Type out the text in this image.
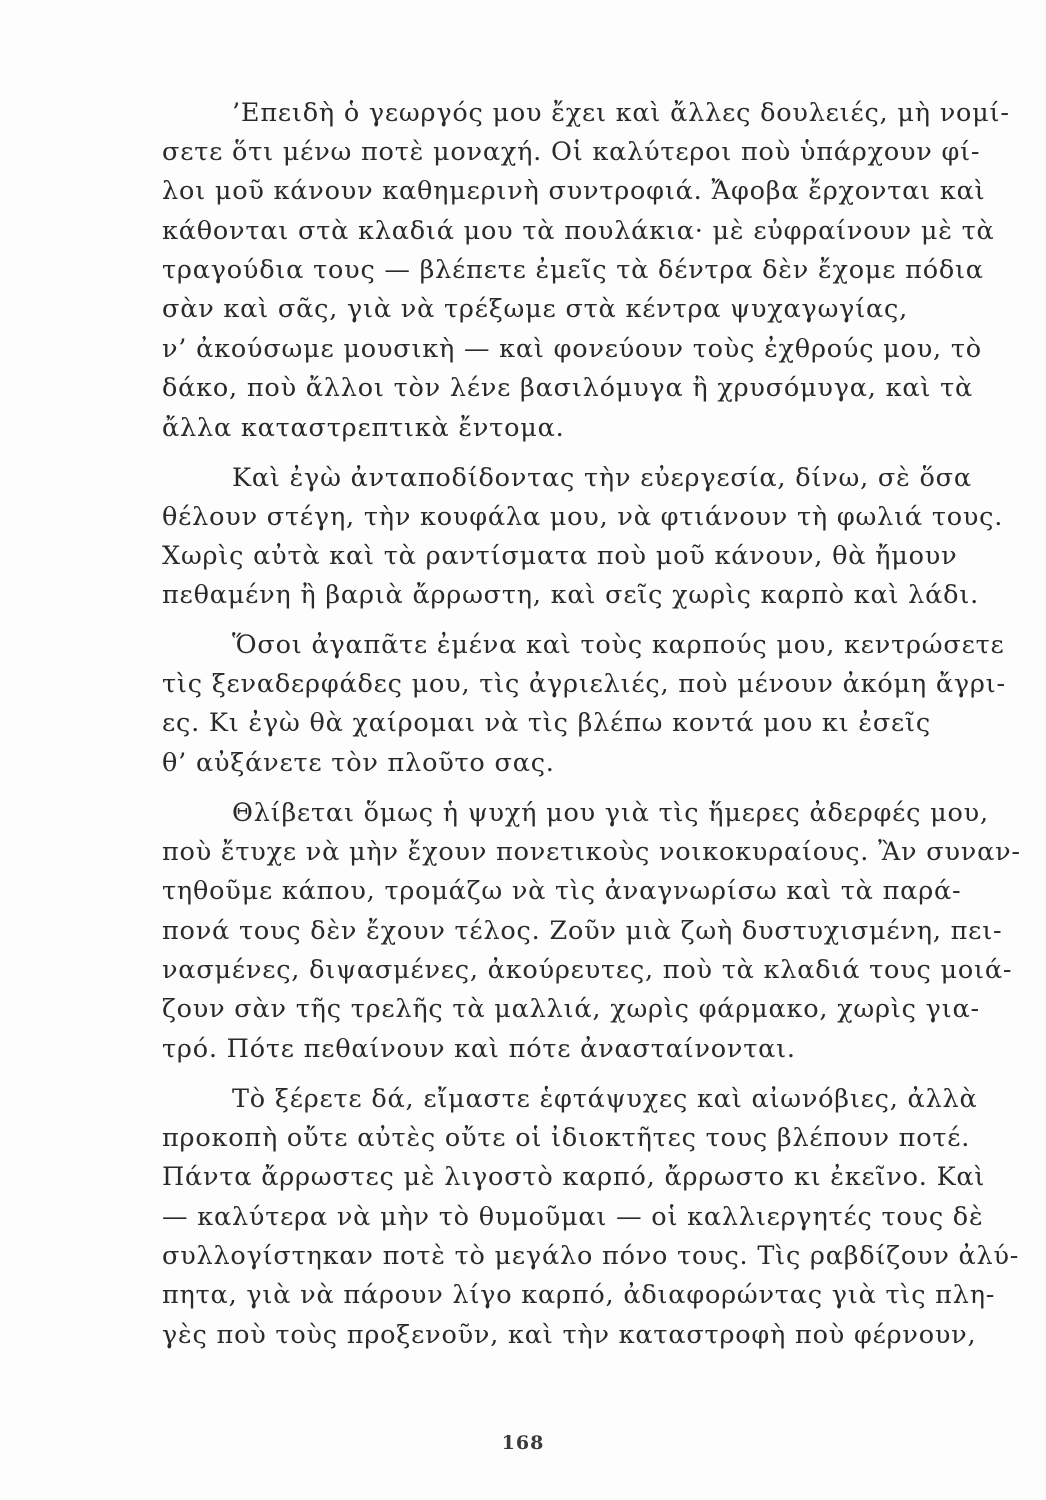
’Επειδὴ ὁ γεωργός μου ἔχει καὶ ἄλλες δουλειές, μὴ νομί-
σετε ὅτι μένω ποτὲ μοναχή. Οἱ καλύτεροι ποὺ ὑπάρχουν φί-
λοι μοῦ κάνουν καθημερινὴ συντροφιά. Ἄφοβα ἔρχονται καὶ
κάθονται στὰ κλαδιά μου τὰ πουλάκια· μὲ εὐφραίνουν μὲ τὰ
τραγούδια τους — βλέπετε ἐμεῖς τὰ δέντρα δὲν ἔχομε πόδια
σὰν καὶ σᾶς, γιὰ νὰ τρέξωμε στὰ κέντρα ψυχαγωγίας,
ν’ ἀκούσωμε μουσικὴ — καὶ φονεύουν τοὺς ἐχθρούς μου, τὸ
δάκο, ποὺ ἄλλοι τὸν λένε βασιλόμυγα ἢ χρυσόμυγα, καὶ τὰ
ἄλλα καταστρεπτικὰ ἔντομα.
Καὶ ἐγὼ ἀνταποδίδοντας τὴν εὐεργεσία, δίνω, σὲ ὅσα
θέλουν στέγη, τὴν κουφάλα μου, νὰ φτιάνουν τὴ φωλιά τους.
Χωρὶς αὐτὰ καὶ τὰ ραντίσματα ποὺ μοῦ κάνουν, θὰ ἤμουν
πεθαμένη ἢ βαριὰ ἄρρωστη, καὶ σεῖς χωρὶς καρπὸ καὶ λάδι.
Ὅσοι ἀγαπᾶτε ἐμένα καὶ τοὺς καρπούς μου, κεντρώσετε
τὶς ξεναδερφάδες μου, τὶς ἀγριελιές, ποὺ μένουν ἀκόμη ἄγρι-
ες. Κι ἐγὼ θὰ χαίρομαι νὰ τὶς βλέπω κοντά μου κι ἐσεῖς
θ’ αὐξάνετε τὸν πλοῦτο σας.
Θλίβεται ὅμως ἡ ψυχή μου γιὰ τὶς ἥμερες ἀδερφές μου,
ποὺ ἔτυχε νὰ μὴν ἔχουν πονετικοὺς νοικοκυραίους. Ἂν συναν-
τηθοῦμε κάπου, τρομάζω νὰ τὶς ἀναγνωρίσω καὶ τὰ παρά-
πονά τους δὲν ἔχουν τέλος. Ζοῦν μιὰ ζωὴ δυστυχισμένη, πει-
νασμένες, διψασμένες, ἀκούρευτες, ποὺ τὰ κλαδιά τους μοιά-
ζουν σὰν τῆς τρελῆς τὰ μαλλιά, χωρὶς φάρμακο, χωρὶς για-
τρό. Πότε πεθαίνουν καὶ πότε ἀνασταίνονται.
Τὸ ξέρετε δά, εἴμαστε ἑφτάψυχες καὶ αἰωνόβιες, ἀλλὰ
προκοπὴ οὔτε αὐτὲς οὔτε οἱ ἰδιοκτῆτες τους βλέπουν ποτέ.
Πάντα ἄρρωστες μὲ λιγοστὸ καρπό, ἄρρωστο κι ἐκεῖνο. Καὶ
— καλύτερα νὰ μὴν τὸ θυμοῦμαι — οἱ καλλιεργητές τους δὲ
συλλογίστηκαν ποτὲ τὸ μεγάλο πόνο τους. Τὶς ραβδίζουν ἀλύ-
πητα, γιὰ νὰ πάρουν λίγο καρπό, ἀδιαφορώντας γιὰ τὶς πλη-
γὲς ποὺ τοὺς προξενοῦν, καὶ τὴν καταστροφὴ ποὺ φέρνουν,
168
